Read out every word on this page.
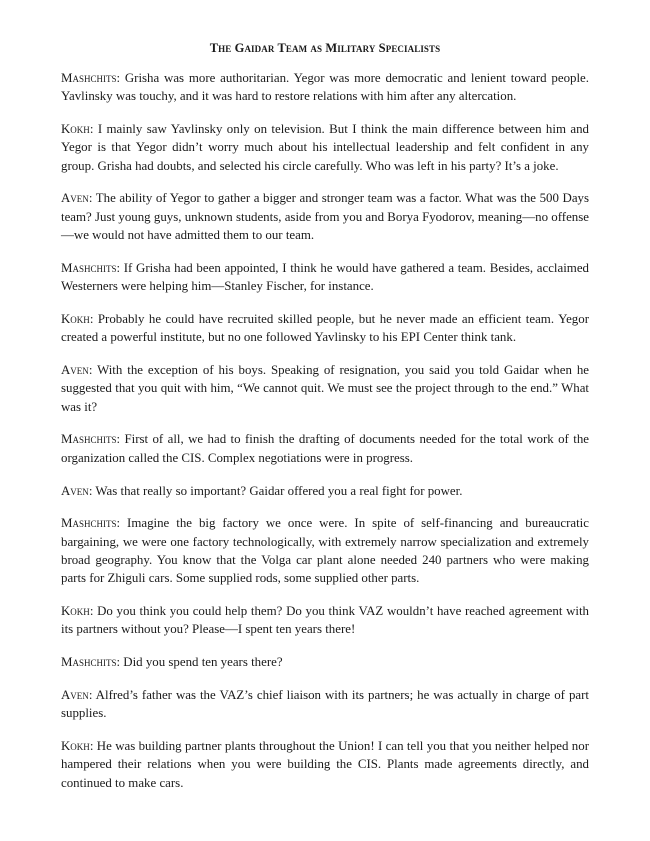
The Gaidar Team as Military Specialists

Mashchits: Grisha was more authoritarian. Yegor was more democratic and lenient toward people. Yavlinsky was touchy, and it was hard to restore relations with him after any altercation.

Kokh: I mainly saw Yavlinsky only on television. But I think the main difference between him and Yegor is that Yegor didn’t worry much about his intellectual leadership and felt confident in any group. Grisha had doubts, and selected his circle carefully. Who was left in his party? It’s a joke.

Aven: The ability of Yegor to gather a bigger and stronger team was a factor. What was the 500 Days team? Just young guys, unknown students, aside from you and Borya Fyodorov, meaning—no offense—we would not have admitted them to our team.

Mashchits: If Grisha had been appointed, I think he would have gathered a team. Besides, acclaimed Westerners were helping him—Stanley Fischer, for instance.

Kokh: Probably he could have recruited skilled people, but he never made an efficient team. Yegor created a powerful institute, but no one followed Yavlinsky to his EPI Center think tank.

Aven: With the exception of his boys. Speaking of resignation, you said you told Gaidar when he suggested that you quit with him, “We cannot quit. We must see the project through to the end.” What was it?

Mashchits: First of all, we had to finish the drafting of documents needed for the total work of the organization called the CIS. Complex negotiations were in progress.

Aven: Was that really so important? Gaidar offered you a real fight for power.

Mashchits: Imagine the big factory we once were. In spite of self-financing and bureaucratic bargaining, we were one factory technologically, with extremely narrow specialization and extremely broad geography. You know that the Volga car plant alone needed 240 partners who were making parts for Zhiguli cars. Some supplied rods, some supplied other parts.

Kokh: Do you think you could help them? Do you think VAZ wouldn’t have reached agreement with its partners without you? Please—I spent ten years there!

Mashchits: Did you spend ten years there?

Aven: Alfred’s father was the VAZ’s chief liaison with its partners; he was actually in charge of part supplies.

Kokh: He was building partner plants throughout the Union! I can tell you that you neither helped nor hampered their relations when you were building the CIS. Plants made agreements directly, and continued to make cars.
